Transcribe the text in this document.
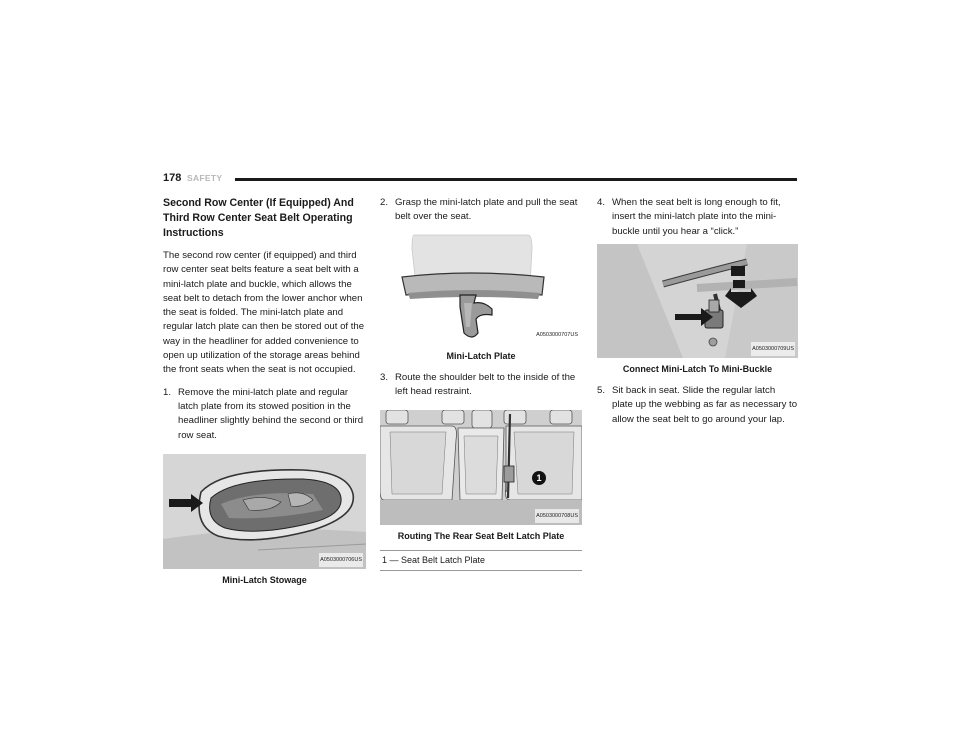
178 SAFETY
Second Row Center (If Equipped) And Third Row Center Seat Belt Operating Instructions

The second row center (if equipped) and third row center seat belts feature a seat belt with a mini-latch plate and buckle, which allows the seat belt to detach from the lower anchor when the seat is folded. The mini-latch plate and regular latch plate can then be stored out of the way in the headliner for added convenience to open up utilization of the storage areas behind the front seats when the seat is not occupied.

1. Remove the mini-latch plate and regular latch plate from its stowed position in the headliner slightly behind the second or third row seat.
A0503000706US
Mini-Latch Stowage
2. Grasp the mini-latch plate and pull the seat belt over the seat.
A0503000707US
Mini-Latch Plate
3. Route the shoulder belt to the inside of the left head restraint.
1
A0503000708US
Routing The Rear Seat Belt Latch Plate
1 — Seat Belt Latch Plate
4. When the seat belt is long enough to fit, insert the mini-latch plate into the mini-buckle until you hear a “click.”
A0503000709US
Connect Mini-Latch To Mini-Buckle
5. Sit back in seat. Slide the regular latch plate up the webbing as far as necessary to allow the seat belt to go around your lap.
